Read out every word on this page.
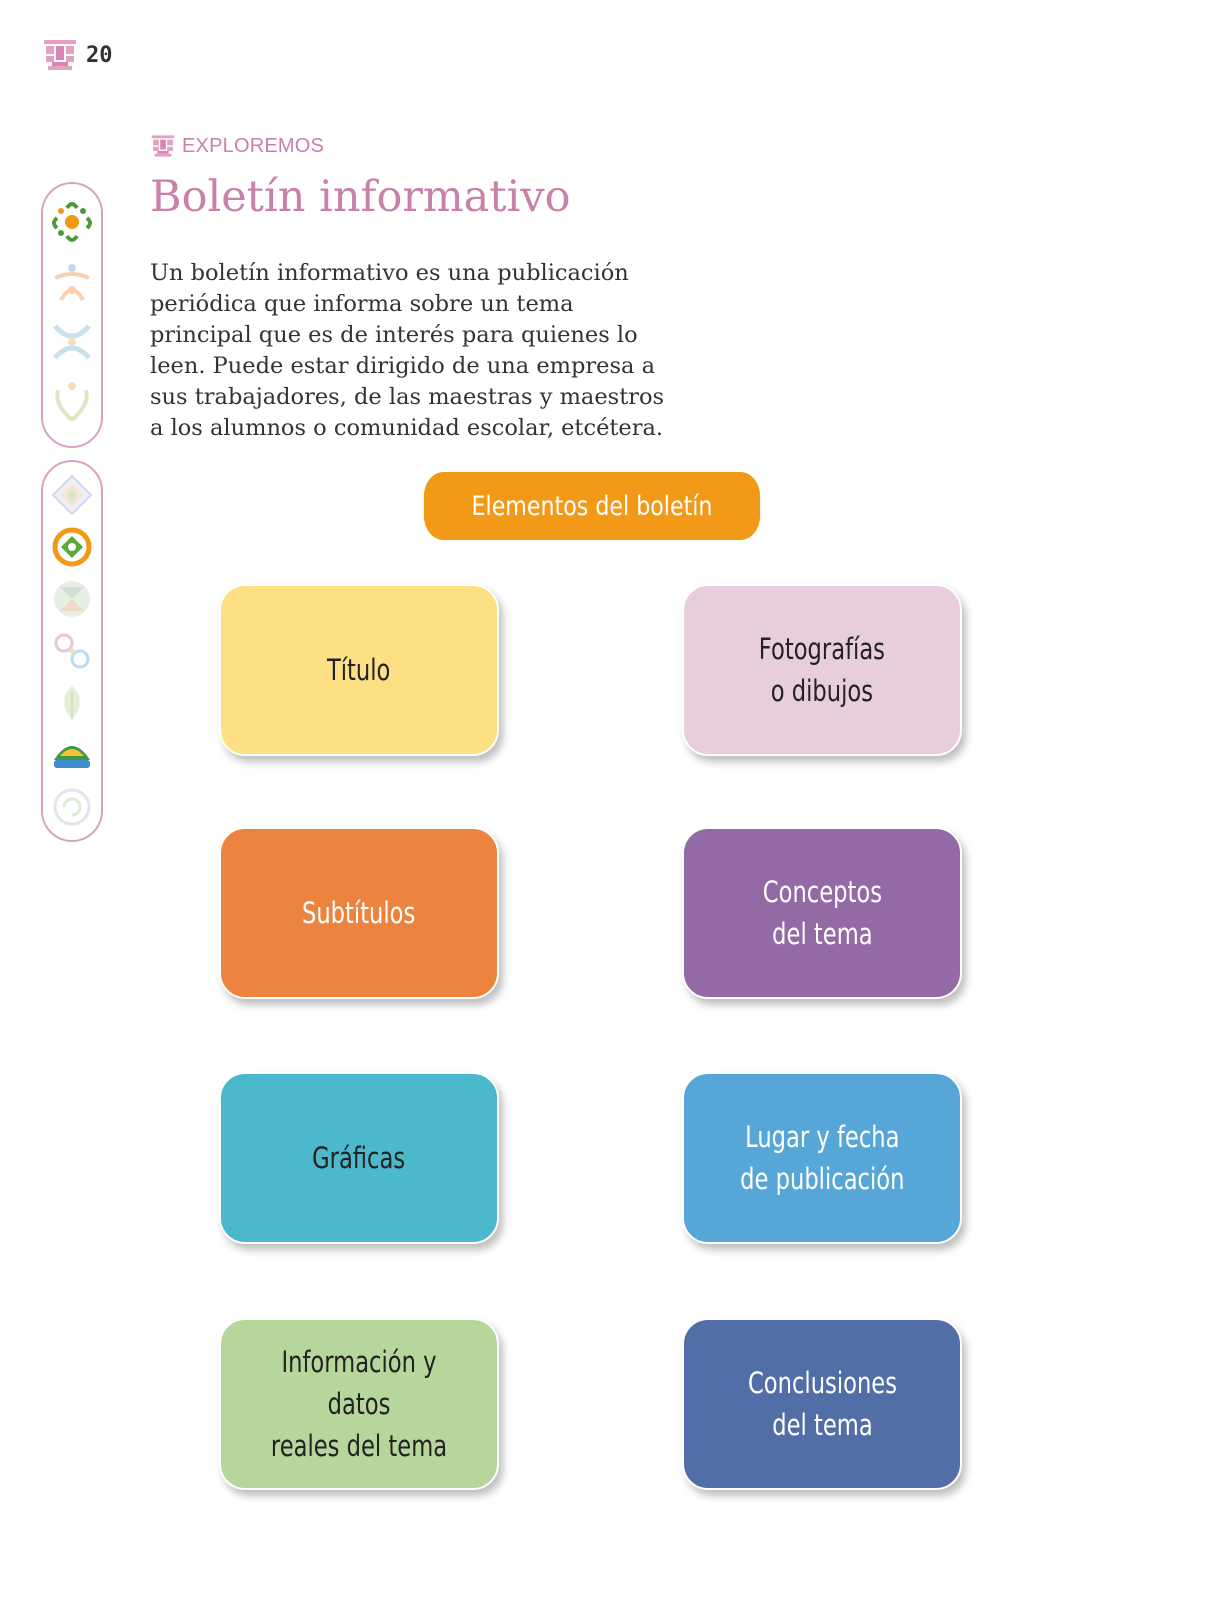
20
EXPLOREMOS
Boletín informativo

Un boletín informativo es una publicación periódica que informa sobre un tema principal que es de interés para quienes lo leen. Puede estar dirigido de una empresa a sus trabajadores, de las maestras y maestros a los alumnos o comunidad escolar, etcétera.

Elementos del boletín
Título
Fotografías
o dibujos
Subtítulos
Conceptos
del tema
Gráficas
Lugar y fecha
de publicación
Información y datos
reales del tema
Conclusiones
del tema
